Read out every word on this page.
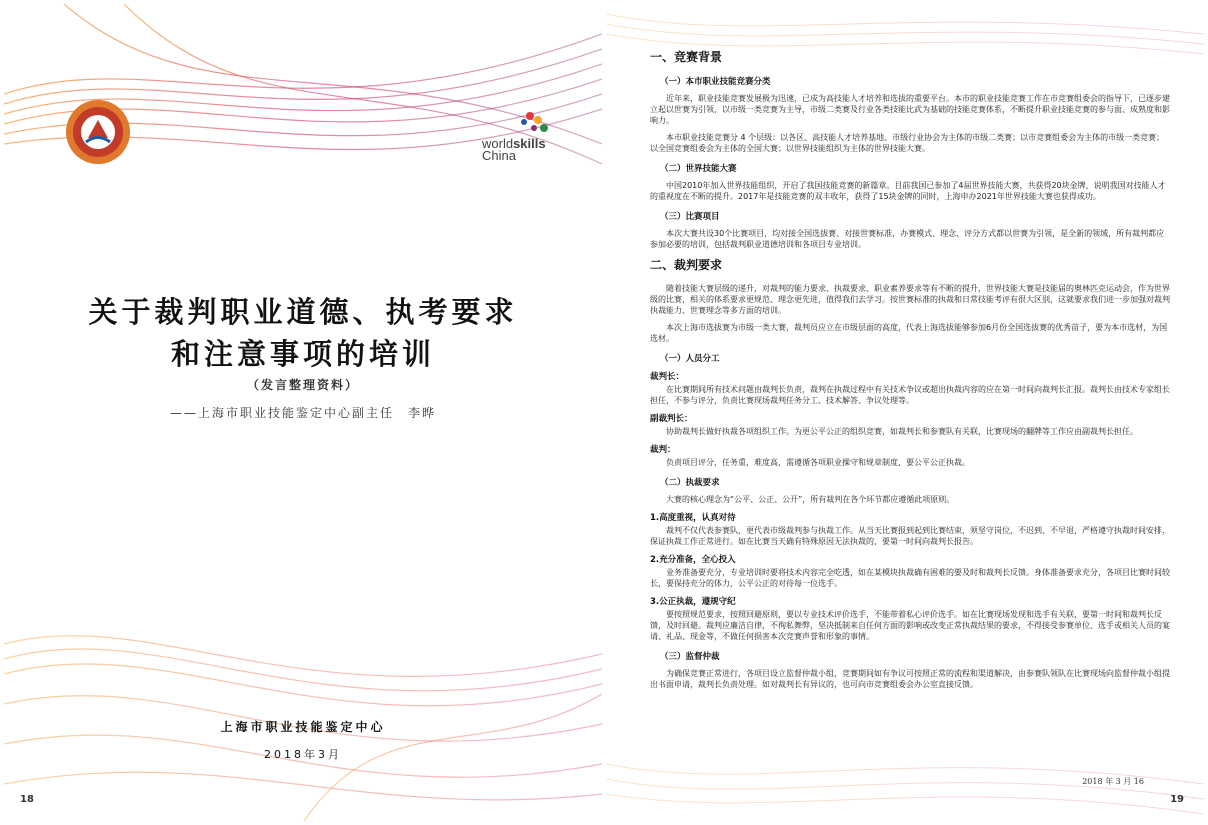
worldskills
China
关于裁判职业道德、执考要求
和注意事项的培训
（发言整理资料）
——上海市职业技能鉴定中心副主任　李晔
上海市职业技能鉴定中心
2018年3月
18
一、竞赛背景
（一）本市职业技能竞赛分类
近年来，职业技能竞赛发展极为迅速，已成为高技能人才培养和选拔的重要平台。本市的职业技能竞赛工作在市竞赛组委会的指导下，已逐步建立起以世赛为引领，以市级一类竞赛为主导，市级二类赛及行业各类技能比武为基础的技能竞赛体系，不断提升职业技能竞赛的参与面、成熟度和影响力。
本市职业技能竞赛分 4 个层级：以各区、高技能人才培养基地、市级行业协会为主体的市级二类赛；以市竞赛组委会为主体的市级一类竞赛；以全国竞赛组委会为主体的全国大赛；以世界技能组织为主体的世界技能大赛。
（二）世界技能大赛
中国2010年加入世界技能组织，开启了我国技能竞赛的新篇章。目前我国已参加了4届世界技能大赛，共获得20块金牌，说明我国对技能人才的重视度在不断的提升。2017年是技能竞赛的双丰收年，获得了15块金牌的同时，上海申办2021年世界技能大赛也获得成功。
（三）比赛项目
本次大赛共设30个比赛项目，均对接全国选拔赛、对接世赛标准，办赛模式、理念、评分方式都以世赛为引领，是全新的领域，所有裁判都应参加必要的培训，包括裁判职业道德培训和各项目专业培训。
二、裁判要求
随着技能大赛层级的递升，对裁判的能力要求、执裁要求、职业素养要求等有不断的提升，世界技能大赛是技能届的奥林匹克运动会，作为世界级的比赛，相关的体系要求更规范、理念更先进，值得我们去学习。按世赛标准的执裁和日常技能考评有很大区别，这就要求我们进一步加强对裁判执裁能力、世赛理念等多方面的培训。
本次上海市选拔赛为市级一类大赛，裁判员应立在市级层面的高度，代表上海选拔能够参加6月份全国选拔赛的优秀苗子，要为本市选材，为国选材。
（一）人员分工
裁判长：
在比赛期间所有技术问题由裁判长负责，裁判在执裁过程中有关技术争议或超出执裁内容的应在第一时间向裁判长汇报。裁判长由技术专家组长担任，不参与评分，负责比赛现场裁判任务分工、技术解答、争议处理等。
副裁判长：
协助裁判长做好执裁各项组织工作。为更公平公正的组织竞赛，如裁判长和参赛队有关联，比赛现场的翻牌等工作应由副裁判长担任。
裁判：
负责项目评分，任务重，难度高，需遵循各项职业操守和规章制度，要公平公正执裁。
（二）执裁要求
大赛的核心理念为“公平、公正、公开”，所有裁判在各个环节都应遵循此项原则。
1.高度重视，认真对待
裁判不仅代表参赛队，更代表市级裁判参与执裁工作。从当天比赛报到起到比赛结束，须坚守岗位，不迟到、不早退，严格遵守执裁时间安排，保证执裁工作正常进行。如在比赛当天确有特殊原因无法执裁的，要第一时间向裁判长报告。
2.充分准备，全心投入
业务准备要充分，专业培训时要将技术内容完全吃透，如在某模块执裁确有困难的要及时和裁判长反馈。身体准备要求充分，各项目比赛时间较长，要保持充分的体力，公平公正的对待每一位选手。
3.公正执裁，遵规守纪
要按照规范要求，按照回避原则，要以专业技术评价选手，不能带着私心评价选手。如在比赛现场发现和选手有关联，要第一时间和裁判长反馈，及时回避。裁判应廉洁自律，不徇私舞弊，坚决抵制来自任何方面的影响或改变正常执裁结果的要求，不得接受参赛单位、选手或相关人员的宴请、礼品、现金等，不做任何损害本次竞赛声誉和形象的事情。
（三）监督仲裁
为确保竞赛正常进行，各项目设立监督仲裁小组，竞赛期间如有争议可按照正常的流程和渠道解决，由参赛队领队在比赛现场向监督仲裁小组提出书面申请，裁判长负责处理。如对裁判长有异议的，也可向市竞赛组委会办公室直接反馈。
2018 年 3 月 16
19
